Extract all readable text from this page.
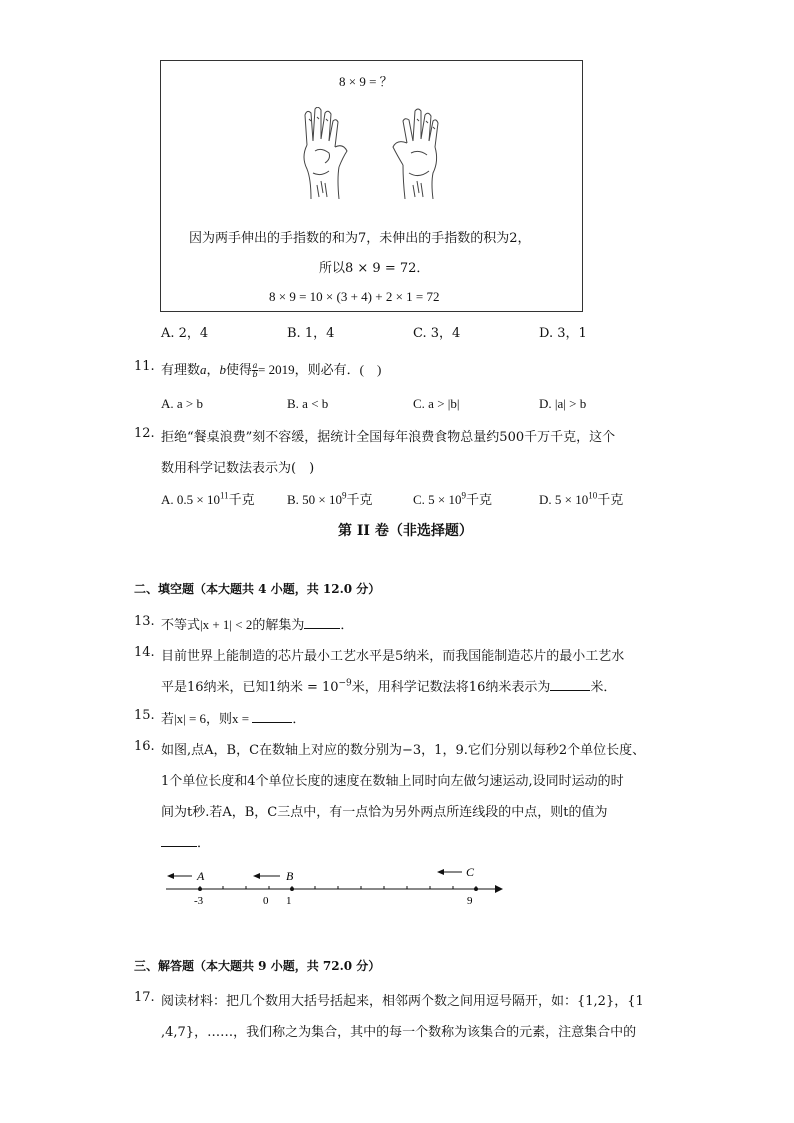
8 × 9 = ？
因为两手伸出的手指数的和为7，未伸出的手指数的积为2，
所以8 × 9 = 72．
8 × 9 = 10 × (3 + 4) + 2 × 1 = 72
A. 2，4	B. 1，4	C. 3，4	D. 3，1
11. 有理数a，b使得 $\frac{a}{b} = 2019$，则必有．(　)
A. a > b	B. a < b	C. a > |b|	D. |a| > b
12. 拒绝“餐桌浪费”刻不容缓，据统计全国每年浪费食物总量约500千万千克，这个
数用科学记数法表示为(　)
A. $0.5 \times 10^{11}$千克 B. $50 \times 10^9$千克	C. $5 \times 10^9$千克	D. $5 \times 10^{10}$千克
第 II 卷（非选择题）
二、填空题（本大题共 4 小题，共 12.0 分）
13. 不等式|x + 1| < 2的解集为	．
14. 目前世界上能制造的芯片最小工艺水平是5纳米，而我国能制造芯片的最小工艺水
平是16纳米，已知1纳米 = $10^{-9}$米，用科学记数法将16纳米表示为	米．
15. 若|x| = 6，则x =	．
16. 如图,点A，B，C在数轴上对应的数分别为−3，1，9.它们分别以每秒2个单位长度、
1个单位长度和4个单位长度的速度在数轴上同时向左做匀速运动,设同时运动的时
间为t秒.若A，B，C三点中，有一点恰为另外两点所连线段的中点，则t的值为
．
A	B	C
-3	0 1	9
三、解答题（本大题共 9 小题，共 72.0 分）
17. 阅读材料：把几个数用大括号括起来，相邻两个数之间用逗号隔开，如：{1,2}，{1
,4,7}，……，我们称之为集合，其中的每一个数称为该集合的元素，注意集合中的
